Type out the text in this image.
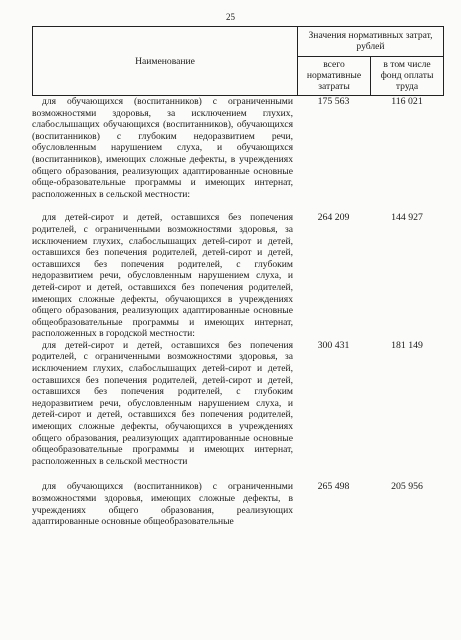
25
Наименование
Значения нормативных затрат, рублей
всего нормативные затраты
в том числе фонд оплаты труда
для обучающихся (воспитанников) с ограниченными возможностями здоровья, за исключением глухих, слабослышащих обучающихся (воспитанников), обучающихся (воспитанников) с глубоким недоразвитием речи, обусловленным нарушением слуха, и обучающихся (воспитанников), имеющих сложные дефекты, в учреждениях общего образования, реализующих адаптированные основные обще-образовательные программы и имеющих интернат, расположенных в сельской местности:
175 563	116 021
для детей-сирот и детей, оставшихся без попечения родителей, с ограниченными возможностями здоровья, за исключением глухих, слабослышащих детей-сирот и детей, оставшихся без попечения родителей, детей-сирот и детей, оставшихся без попечения родителей, с глубоким недоразвитием речи, обусловленным нарушением слуха, и детей-сирот и детей, оставшихся без попечения родителей, имеющих сложные дефекты, обучающихся в учреждениях общего образования, реализующих адаптированные основные общеобразовательные программы и имеющих интернат, расположенных в городской местности:
264 209	144 927
для детей-сирот и детей, оставшихся без попечения родителей, с ограниченными возможностями здоровья, за исключением глухих, слабослышащих детей-сирот и детей, оставшихся без попечения родителей, детей-сирот и детей, оставшихся без попечения родителей, с глубоким недоразвитием речи, обусловленным нарушением слуха, и детей-сирот и детей, оставшихся без попечения родителей, имеющих сложные дефекты, обучающихся в учреждениях общего образования, реализующих адаптированные основные общеобразовательные программы и имеющих интернат, расположенных в сельской местности
300 431	181 149
для обучающихся (воспитанников) с ограниченными возможностями здоровья, имеющих сложные дефекты, в учреждениях общего образования, реализующих адаптированные основные общеобразовательные
265 498	205 956
